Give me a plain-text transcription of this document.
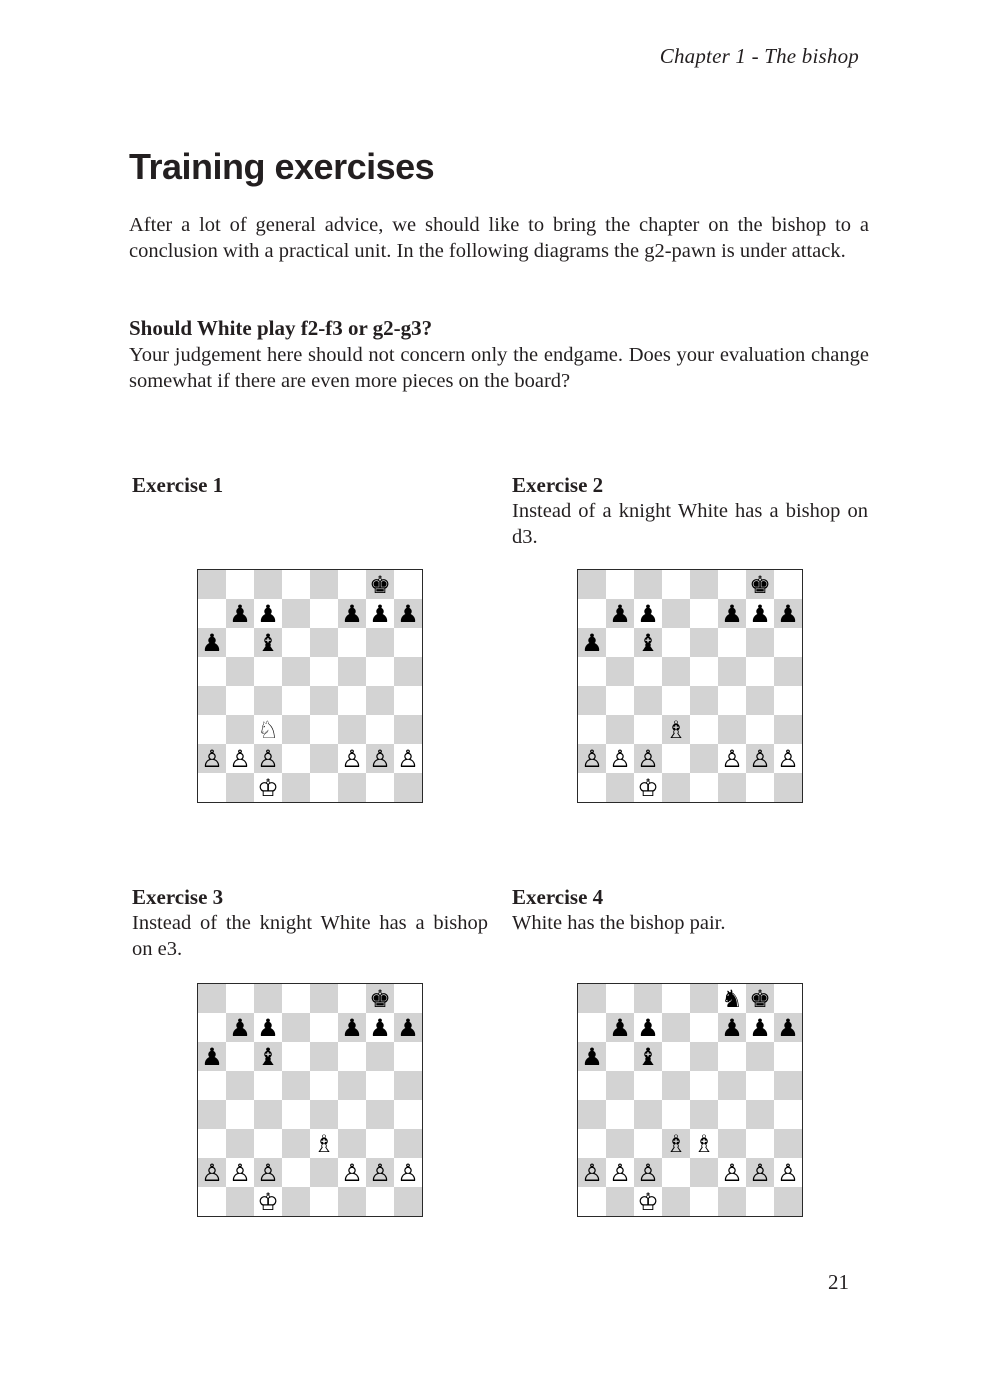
Chapter 1 - The bishop
Training exercises

After a lot of general advice, we should like to bring the chapter on the bishop to a conclusion with a practical unit. In the following diagrams the g2-pawn is under attack.

Should White play f2-f3 or g2-g3?

Your judgement here should not concern only the endgame. Does your evaluation change somewhat if there are even more pieces on the board?

Exercise 1

♚
♟ ♟	♟ ♟ ♟
♟ ♝
♘
♙ ♙ ♙	♙ ♙ ♙
♔

Exercise 2

Instead of a knight White has a bishop on d3.

♚
♟ ♟	♟ ♟ ♟
♟ ♝
♗
♙ ♙ ♙	♙ ♙ ♙
♔

Exercise 3

Instead of the knight White has a bishop on e3.

♚
♟ ♟	♟ ♟ ♟
♟ ♝
♗
♙ ♙ ♙	♙ ♙ ♙
♔

Exercise 4

White has the bishop pair.

♞ ♚
♟ ♟	♟ ♟ ♟
♟ ♝
♗ ♗
♙ ♙ ♙	♙ ♙ ♙
♔
21
